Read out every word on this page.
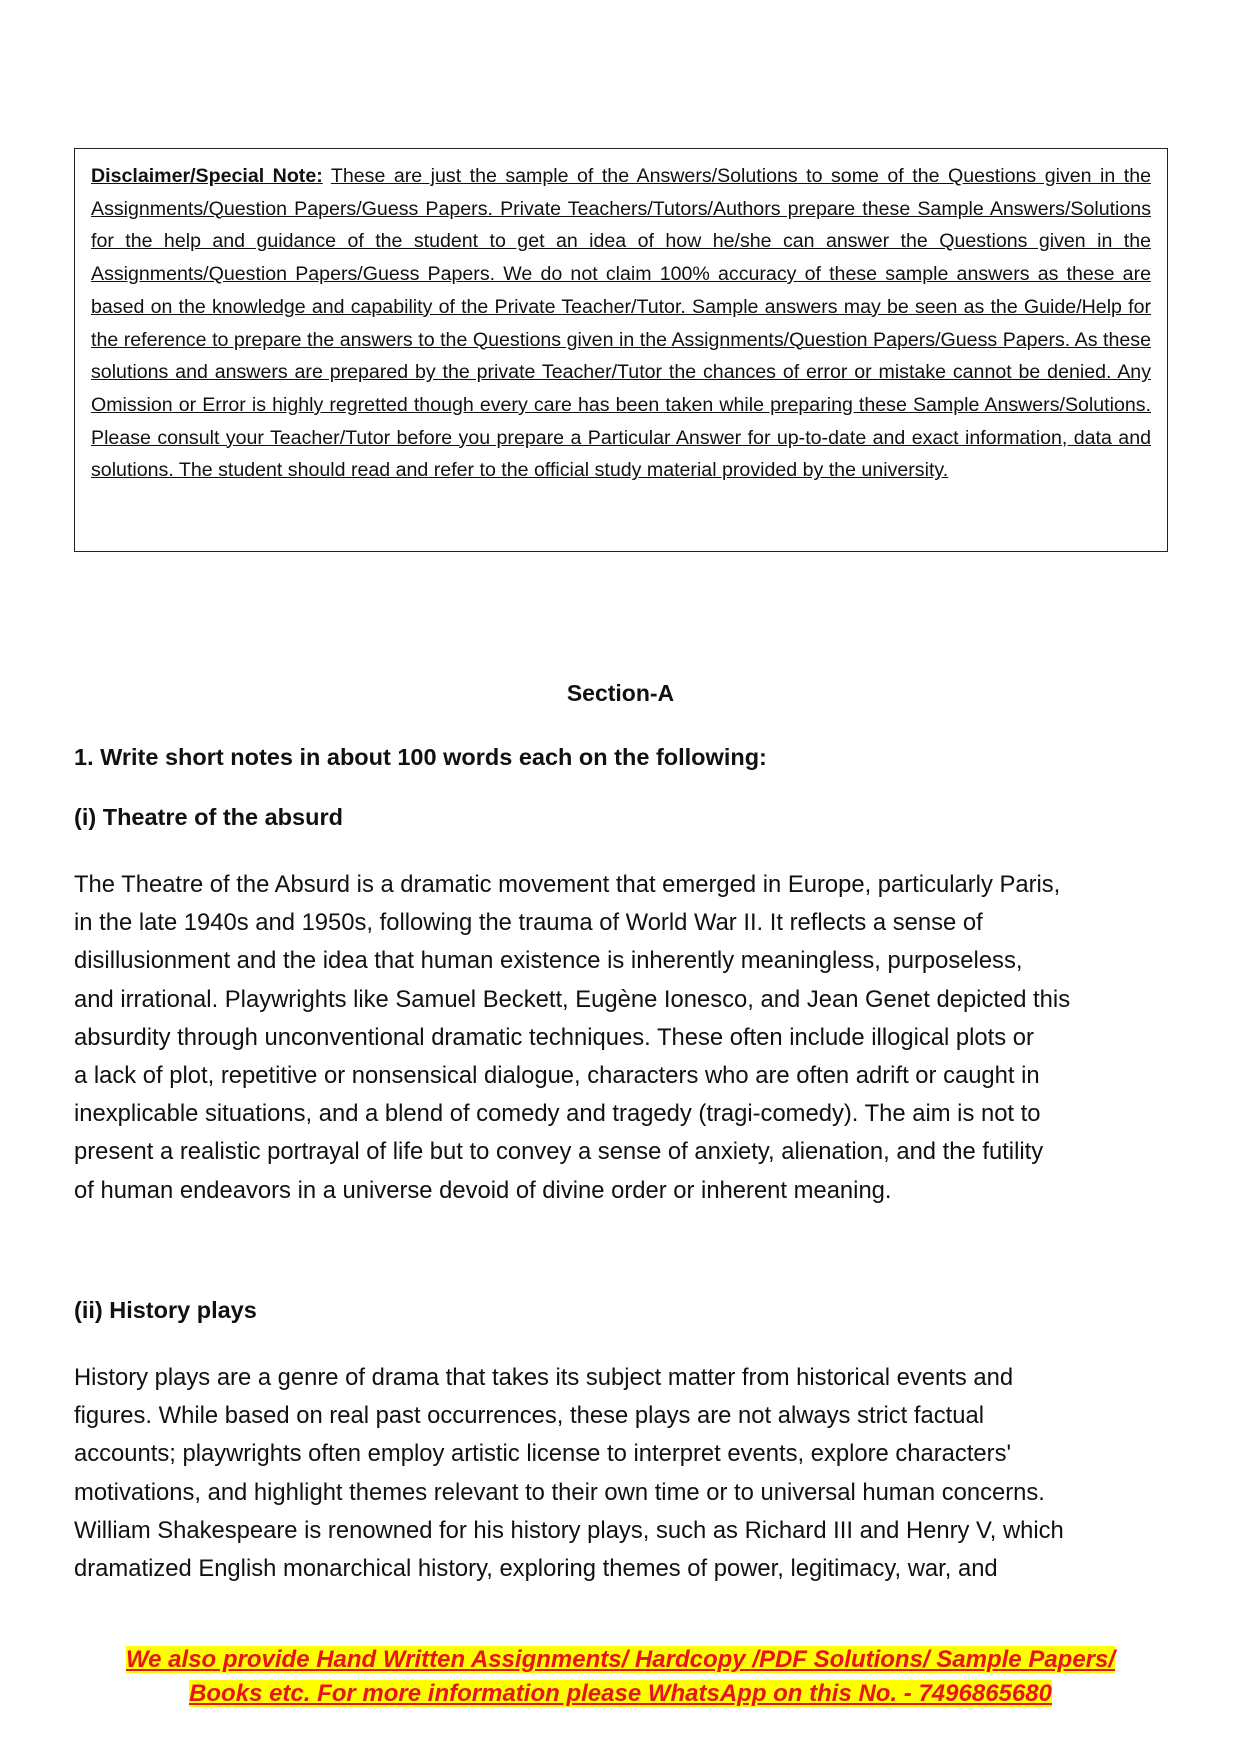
Disclaimer/Special Note: These are just the sample of the Answers/Solutions to some of the Questions given in the Assignments/Question Papers/Guess Papers. Private Teachers/Tutors/Authors prepare these Sample Answers/Solutions for the help and guidance of the student to get an idea of how he/she can answer the Questions given in the Assignments/Question Papers/Guess Papers. We do not claim 100% accuracy of these sample answers as these are based on the knowledge and capability of the Private Teacher/Tutor. Sample answers may be seen as the Guide/Help for the reference to prepare the answers to the Questions given in the Assignments/Question Papers/Guess Papers. As these solutions and answers are prepared by the private Teacher/Tutor the chances of error or mistake cannot be denied. Any Omission or Error is highly regretted though every care has been taken while preparing these Sample Answers/Solutions. Please consult your Teacher/Tutor before you prepare a Particular Answer for up-to-date and exact information, data and solutions. The student should read and refer to the official study material provided by the university.
Section-A
1. Write short notes in about 100 words each on the following:
(i) Theatre of the absurd
The Theatre of the Absurd is a dramatic movement that emerged in Europe, particularly Paris,
in the late 1940s and 1950s, following the trauma of World War II. It reflects a sense of
disillusionment and the idea that human existence is inherently meaningless, purposeless,
and irrational. Playwrights like Samuel Beckett, Eugène Ionesco, and Jean Genet depicted this
absurdity through unconventional dramatic techniques. These often include illogical plots or
a lack of plot, repetitive or nonsensical dialogue, characters who are often adrift or caught in
inexplicable situations, and a blend of comedy and tragedy (tragi-comedy). The aim is not to
present a realistic portrayal of life but to convey a sense of anxiety, alienation, and the futility
of human endeavors in a universe devoid of divine order or inherent meaning.
(ii) History plays
History plays are a genre of drama that takes its subject matter from historical events and
figures. While based on real past occurrences, these plays are not always strict factual
accounts; playwrights often employ artistic license to interpret events, explore characters'
motivations, and highlight themes relevant to their own time or to universal human concerns.
William Shakespeare is renowned for his history plays, such as Richard III and Henry V, which
dramatized English monarchical history, exploring themes of power, legitimacy, war, and
We also provide Hand Written Assignments/ Hardcopy /PDF Solutions/ Sample Papers/
Books etc. For more information please WhatsApp on this No. - 7496865680
